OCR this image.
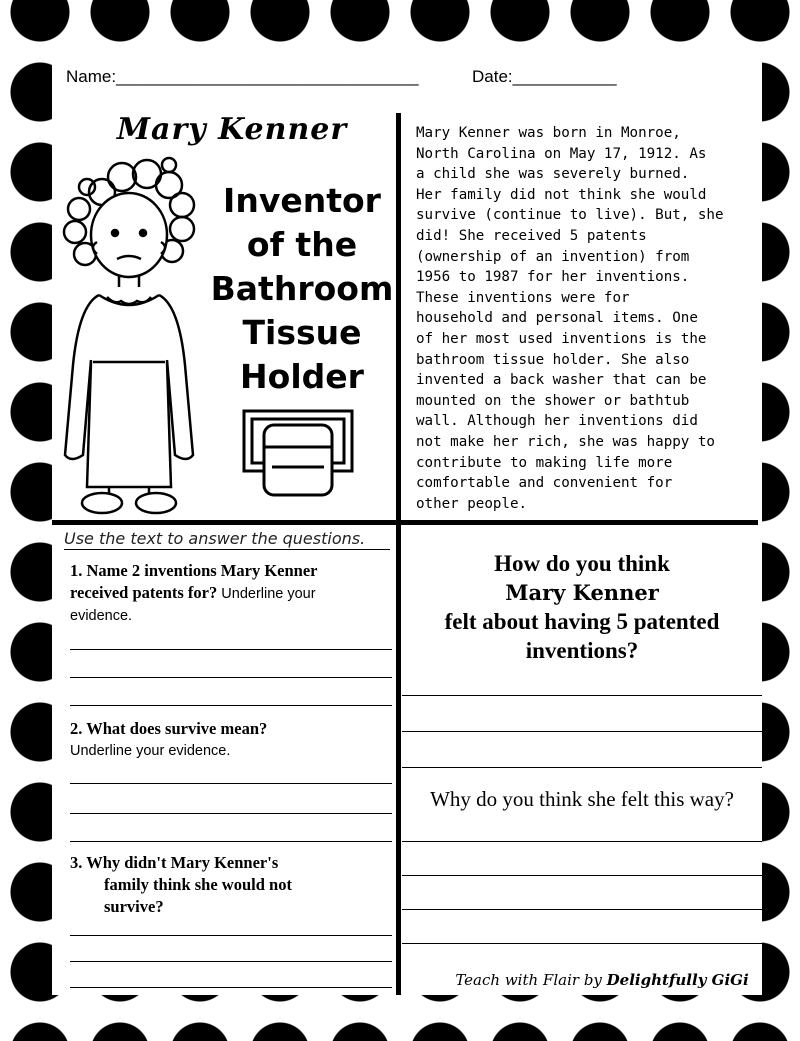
Name:________________________________	Date:___________
Mary Kenner
Inventor
of the
Bathroom
Tissue
Holder

Mary Kenner was born in Monroe,

North Carolina on May 17, 1912. As

a child she was severely burned.

Her family did not think she would

survive (continue to live). But, she

did! She received 5 patents

(ownership of an invention) from

1956 to 1987 for her inventions.

These inventions were for

household and personal items. One

of her most used inventions is the

bathroom tissue holder. She also

invented a back washer that can be

mounted on the shower or bathtub

wall. Although her inventions did

not make her rich, she was happy to

contribute to making life more

comfortable and convenient for

other people.

Use the text to answer the questions.
1. Name 2 inventions Mary Kenner
received patents for? Underline your
evidence.
2. What does survive mean?
Underline your evidence.
3. Why didn't Mary Kenner's
family think she would not
survive?
How do you think
Mary Kenner
felt about having 5 patented
inventions?
Why do you think she felt this way?
Teach with Flair by Delightfully GiGi
